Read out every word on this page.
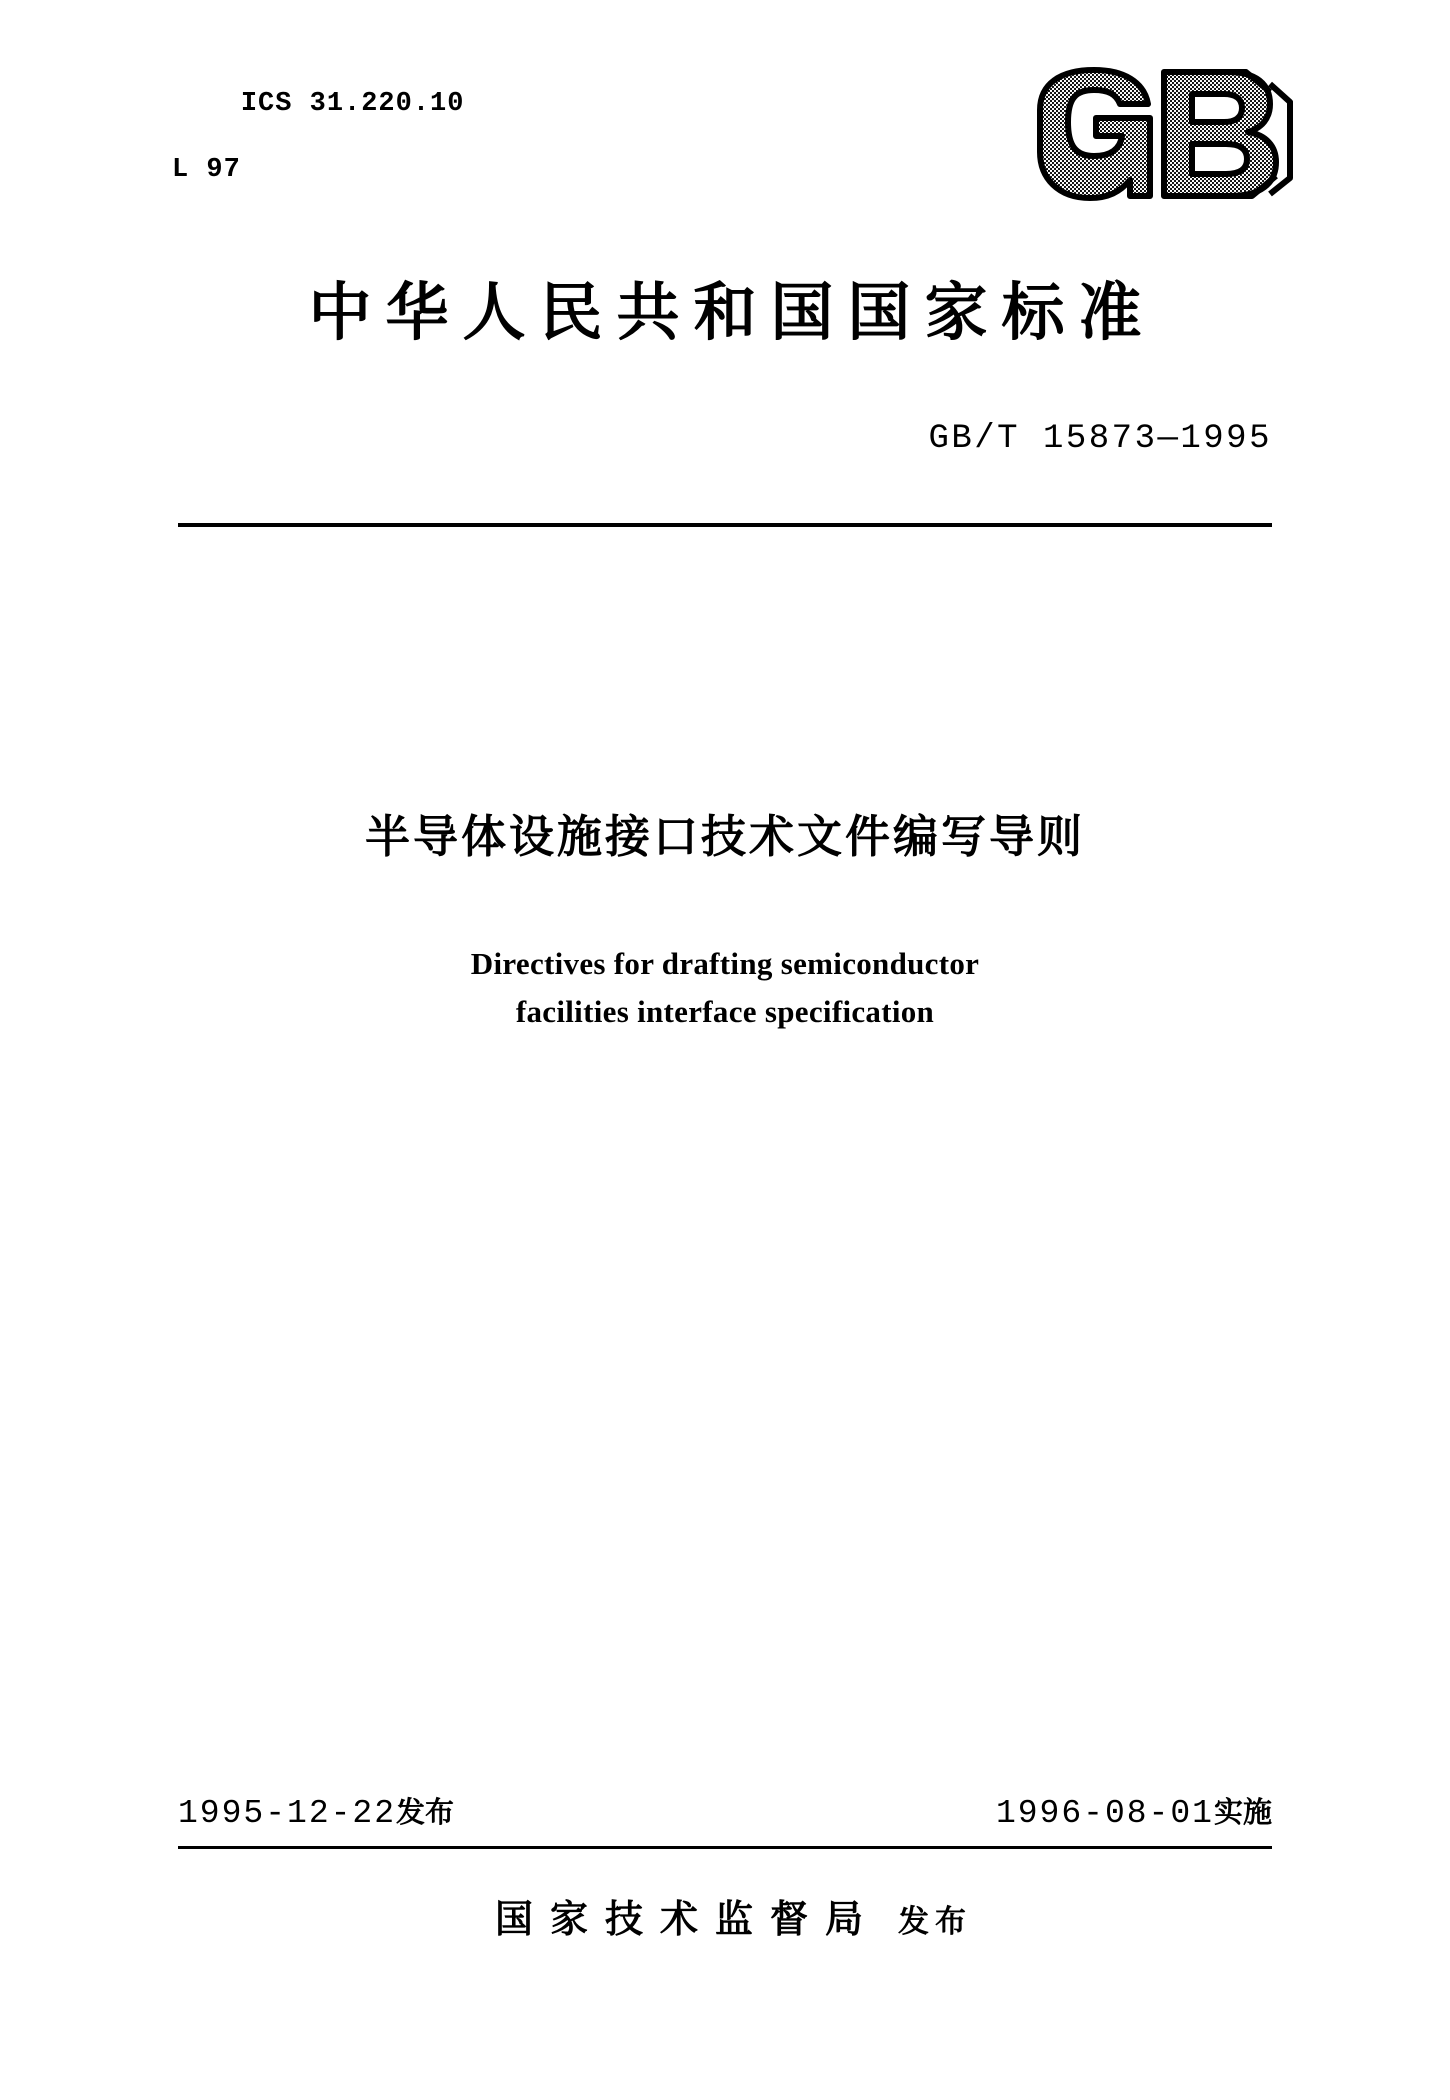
ICS 31.220.10

L 97

中华人民共和国国家标准
GB/T 15873—1995
半导体设施接口技术文件编写导则
Directives for drafting semiconductor
facilities interface specification
1995-12-22发布	1996-08-01实施
国家技术监督局 发布
